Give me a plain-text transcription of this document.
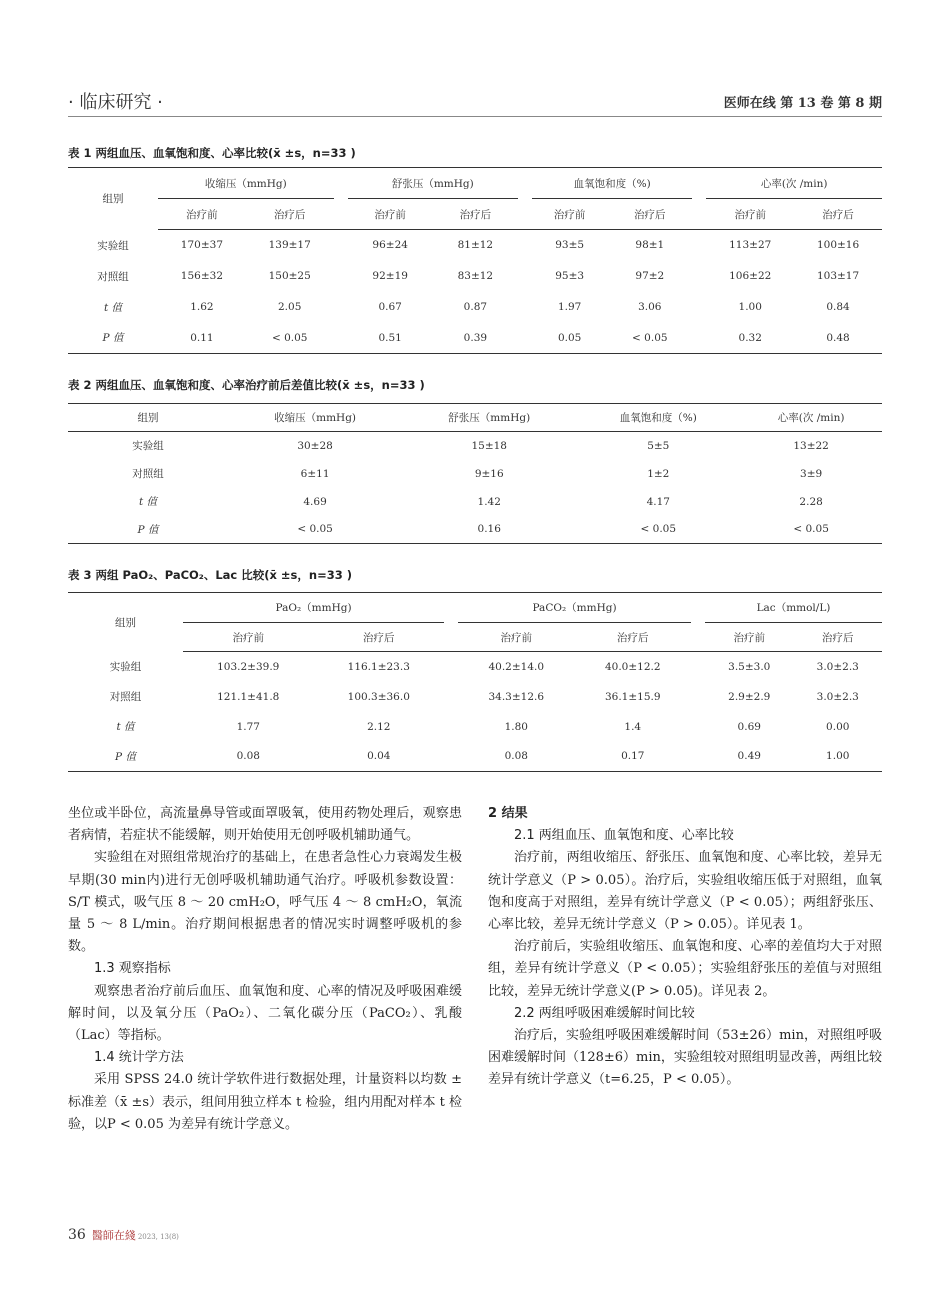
· 临床研究 ·	医师在线 第 13 卷 第 8 期
表 1 两组血压、血氧饱和度、心率比较(x̄ ±s，n=33 )
组别	收缩压（mmHg)			舒张压（mmHg)			血氧饱和度（%)			心率(次 /min)	
	治疗前	治疗后		治疗前	治疗后		治疗前	治疗后		治疗前	治疗后
实验组	170±37	139±17		96±24	81±12		93±5	98±1		113±27	100±16
对照组	156±32	150±25		92±19	83±12		95±3	97±2		106±22	103±17
t 值	1.62	2.05		0.67	0.87		1.97	3.06		1.00	0.84
P 值	0.11	< 0.05		0.51	0.39		0.05	< 0.05		0.32	0.48
表 2 两组血压、血氧饱和度、心率治疗前后差值比较(x̄ ±s，n=33 )
组别	收缩压（mmHg)	舒张压（mmHg)	血氧饱和度（%)	心率(次 /min)
实验组	30±28	15±18	5±5	13±22
对照组	6±11	9±16	1±2	3±9
t 值	4.69	1.42	4.17	2.28
P 值	< 0.05	0.16	< 0.05	< 0.05
表 3 两组 PaO₂、PaCO₂、Lac 比较(x̄ ±s，n=33 )
组别	PaO₂（mmHg)			PaCO₂（mmHg)			Lac（mmol/L)	
	治疗前	治疗后		治疗前	治疗后		治疗前	治疗后
实验组	103.2±39.9	116.1±23.3		40.2±14.0	40.0±12.2		3.5±3.0	3.0±2.3
对照组	121.1±41.8	100.3±36.0		34.3±12.6	36.1±15.9		2.9±2.9	3.0±2.3
t 值	1.77	2.12		1.80	1.4		0.69	0.00
P 值	0.08	0.04		0.08	0.17		0.49	1.00

坐位或半卧位，高流量鼻导管或面罩吸氧，使用药物处理后，观察患者病情，若症状不能缓解，则开始使用无创呼吸机辅助通气。

实验组在对照组常规治疗的基础上，在患者急性心力衰竭发生极早期(30 min内)进行无创呼吸机辅助通气治疗。呼吸机参数设置：S/T 模式，吸气压 8 ～ 20 cmH₂O，呼气压 4 ～ 8 cmH₂O，氧流量 5 ～ 8 L/min。治疗期间根据患者的情况实时调整呼吸机的参数。

1.3 观察指标

观察患者治疗前后血压、血氧饱和度、心率的情况及呼吸困难缓解时间，以及氧分压（PaO₂）、二氧化碳分压（PaCO₂）、乳酸（Lac）等指标。

1.4 统计学方法

采用 SPSS 24.0 统计学软件进行数据处理，计量资料以均数 ± 标准差（x̄ ±s）表示，组间用独立样本 t 检验，组内用配对样本 t 检验，以P < 0.05 为差异有统计学意义。

2 结果

2.1 两组血压、血氧饱和度、心率比较

治疗前，两组收缩压、舒张压、血氧饱和度、心率比较，差异无统计学意义（P > 0.05）。治疗后，实验组收缩压低于对照组，血氧饱和度高于对照组，差异有统计学意义（P < 0.05）；两组舒张压、心率比较，差异无统计学意义（P > 0.05）。详见表 1。

治疗前后，实验组收缩压、血氧饱和度、心率的差值均大于对照组，差异有统计学意义（P < 0.05）；实验组舒张压的差值与对照组比较，差异无统计学意义(P > 0.05)。详见表 2。

2.2 两组呼吸困难缓解时间比较

治疗后，实验组呼吸困难缓解时间（53±26）min，对照组呼吸困难缓解时间（128±6）min，实验组较对照组明显改善，两组比较差异有统计学意义（t=6.25，P < 0.05）。

36 醫師在綫 2023, 13(8)
